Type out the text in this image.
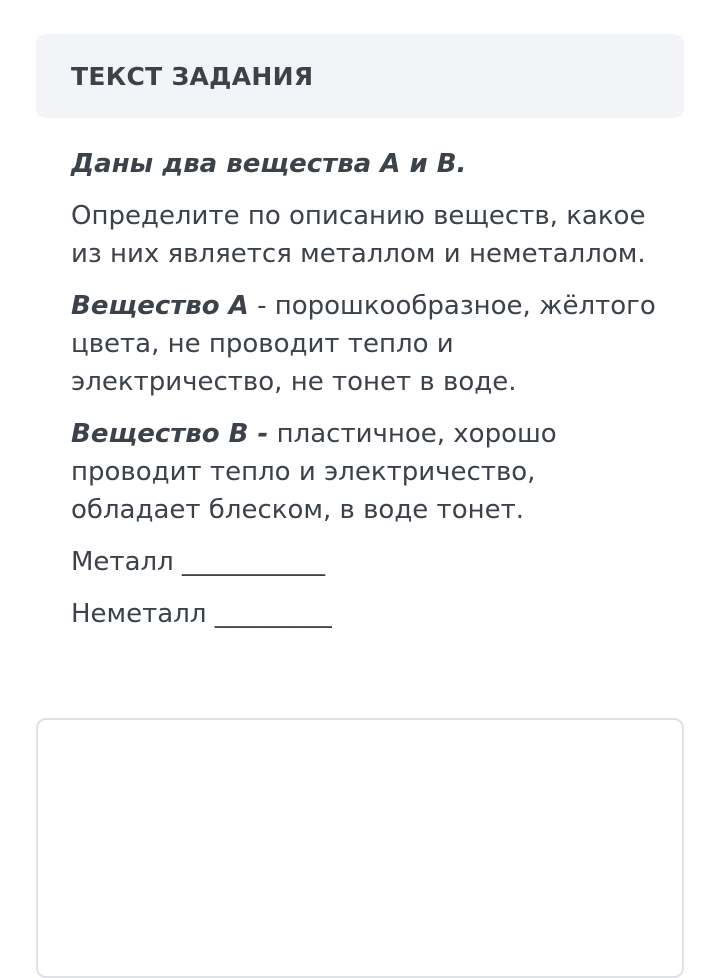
ТЕКСТ ЗАДАНИЯ

Даны два вещества А и В.

Определите по описанию веществ, какое из них является металлом и неметаллом.

Вещество А - порошкообразное, жёлтого цвета, не проводит тепло и электричество, не тонет в воде.

Вещество В - пластичное, хорошо проводит тепло и электричество, обладает блеском, в воде тонет.

Металл ___________

Неметалл _________
